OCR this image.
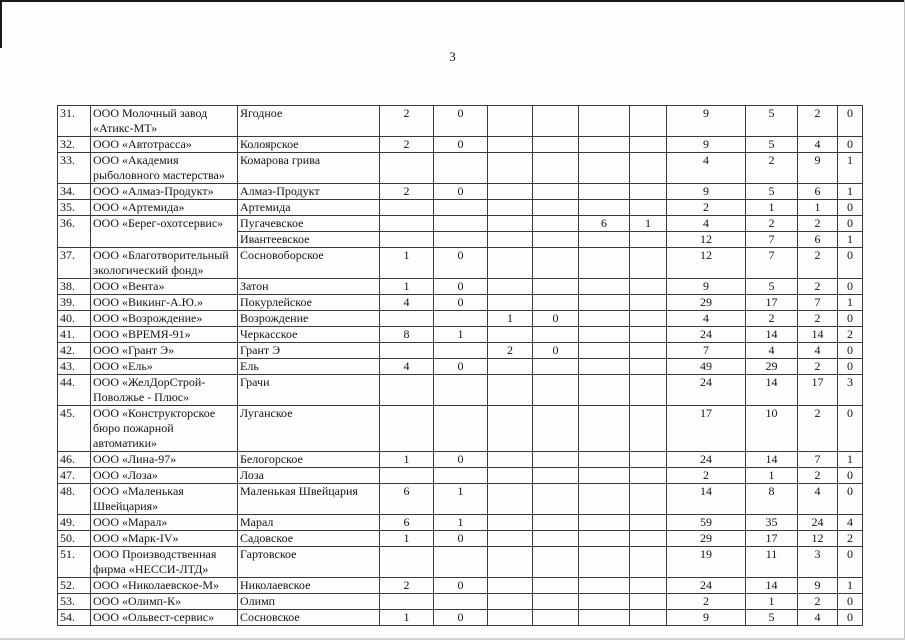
3
31.	ООО Молочный завод «Атикс-МТ»	Ягодное	2	0					9	5	2	0
32.	ООО «Автотрасса»	Колоярское	2	0					9	5	4	0
33.	ООО «Академия рыболовного мастерства»	Комарова грива							4	2	9	1
34.	ООО «Алмаз-Продукт»	Алмаз-Продукт	2	0					9	5	6	1
35.	ООО «Артемида»	Артемида							2	1	1	0
36.	ООО «Берег-охотсервис»	Пугачевское					6	1	4	2	2	0
		Ивантеевское							12	7	6	1
37.	ООО «Благотворительный экологический фонд»	Сосновоборское	1	0					12	7	2	0
38.	ООО «Вента»	Затон	1	0					9	5	2	0
39.	ООО «Викинг-А.Ю.»	Покурлейское	4	0					29	17	7	1
40.	ООО «Возрождение»	Возрождение			1	0			4	2	2	0
41.	ООО «ВРЕМЯ-91»	Черкасское	8	1					24	14	14	2
42.	ООО «Грант Э»	Грант Э			2	0			7	4	4	0
43.	ООО «Ель»	Ель	4	0					49	29	2	0
44.	ООО «ЖелДорСтрой-Поволжье - Плюс»	Грачи							24	14	17	3
45.	ООО «Конструкторское бюро пожарной автоматики»	Луганское							17	10	2	0
46.	ООО «Лина-97»	Белогорское	1	0					24	14	7	1
47.	ООО «Лоза»	Лоза							2	1	2	0
48.	ООО «Маленькая Швейцария»	Маленькая Швейцария	6	1					14	8	4	0
49.	ООО «Марал»	Марал	6	1					59	35	24	4
50.	ООО «Марк-IV»	Садовское	1	0					29	17	12	2
51.	ООО Производственная фирма «НЕССИ-ЛТД»	Гартовское							19	11	3	0
52.	ООО «Николаевское-М»	Николаевское	2	0					24	14	9	1
53.	ООО «Олимп-К»	Олимп							2	1	2	0
54.	ООО «Ольвест-сервис»	Сосновское	1	0					9	5	4	0
